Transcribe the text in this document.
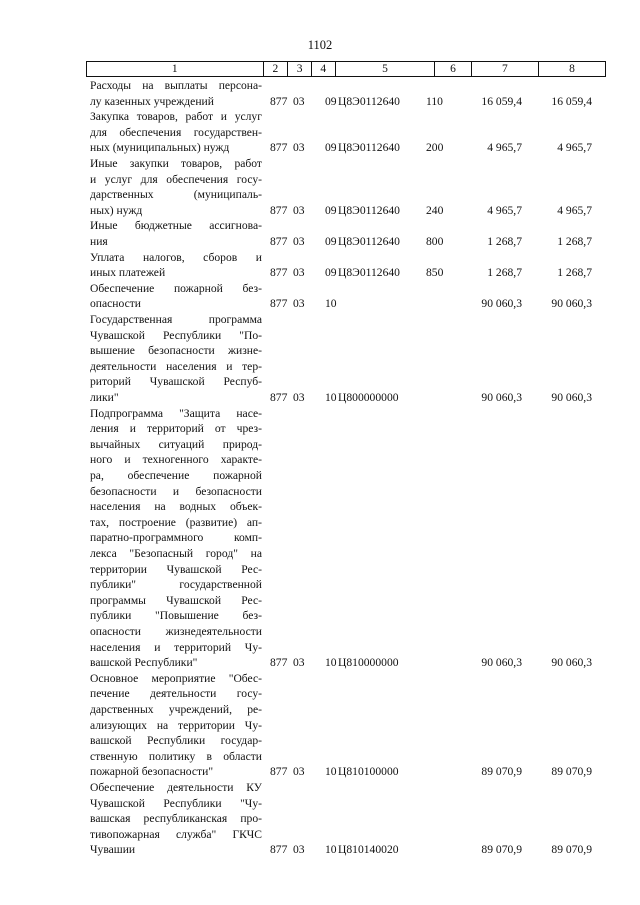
1102
1	2	3	4	5	6	7	8
Расходы на выплаты персона-
лу казенных учреждений	877 03 09 Ц8Э0112640 110	16 059,4	16 059,4
Закупка товаров, работ и услуг
для обеспечения государствен-
ных (муниципальных) нужд	877 03 09 Ц8Э0112640 200	4 965,7	4 965,7
Иные закупки товаров, работ
и услуг для обеспечения госу-
дарственных (муниципаль-
ных) нужд	877 03 09 Ц8Э0112640 240	4 965,7	4 965,7
Иные бюджетные ассигнова-
ния	877 03 09 Ц8Э0112640 800	1 268,7	1 268,7
Уплата налогов, сборов и
иных платежей	877 03 09 Ц8Э0112640 850	1 268,7	1 268,7
Обеспечение пожарной без-
опасности	877 03 10	90 060,3	90 060,3
Государственная программа
Чувашской Республики "По-
вышение безопасности жизне-
деятельности населения и тер-
риторий Чувашской Респуб-
лики"	877 03 10 Ц800000000	90 060,3	90 060,3
Подпрограмма "Защита насе-
ления и территорий от чрез-
вычайных ситуаций природ-
ного и техногенного характе-
ра, обеспечение пожарной
безопасности и безопасности
населения на водных объек-
тах, построение (развитие) ап-
паратно-программного комп-
лекса "Безопасный город" на
территории Чувашской Рес-
публики" государственной
программы Чувашской Рес-
публики "Повышение без-
опасности жизнедеятельности
населения и территорий Чу-
вашской Республики"	877 03 10 Ц810000000	90 060,3	90 060,3
Основное мероприятие "Обес-
печение деятельности госу-
дарственных учреждений, ре-
ализующих на территории Чу-
вашской Республики государ-
ственную политику в области
пожарной безопасности"	877 03 10 Ц810100000	89 070,9	89 070,9
Обеспечение деятельности КУ
Чувашской Республики "Чу-
вашская республиканская про-
тивопожарная служба" ГКЧС
Чувашии	877 03 10 Ц810140020	89 070,9	89 070,9
